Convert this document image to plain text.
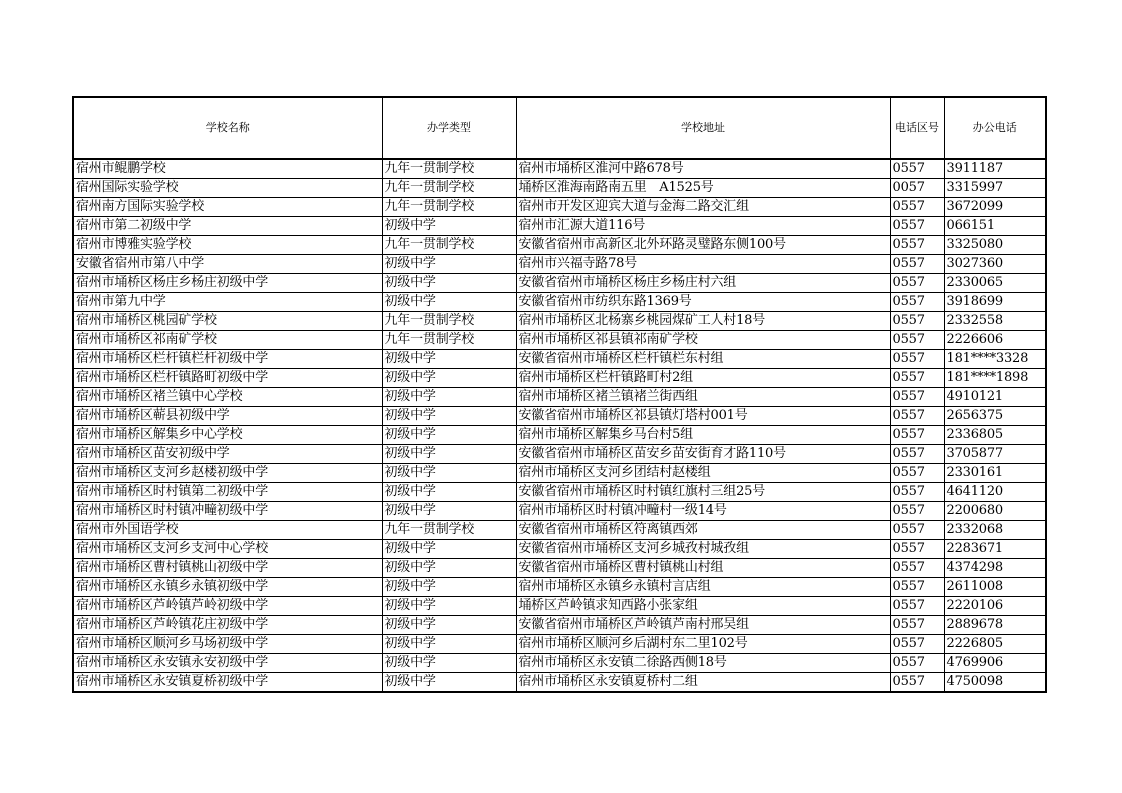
学校名称	办学类型	学校地址	电话区号	办公电话
宿州市鲲鹏学校	九年一贯制学校	宿州市埇桥区淮河中路678号	0557	3911187
宿州国际实验学校	九年一贯制学校	埇桥区淮海南路南五里　A1525号	0057	3315997
宿州南方国际实验学校	九年一贯制学校	宿州市开发区迎宾大道与金海二路交汇组	0557	3672099
宿州市第二初级中学	初级中学	宿州市汇源大道116号	0557	066151
宿州市博雅实验学校	九年一贯制学校	安徽省宿州市高新区北外环路灵璧路东侧100号	0557	3325080
安徽省宿州市第八中学	初级中学	宿州市兴福寺路78号	0557	3027360
宿州市埇桥区杨庄乡杨庄初级中学	初级中学	安徽省宿州市埇桥区杨庄乡杨庄村六组	0557	2330065
宿州市第九中学	初级中学	安徽省宿州市纺织东路1369号	0557	3918699
宿州市埇桥区桃园矿学校	九年一贯制学校	宿州市埇桥区北杨寨乡桃园煤矿工人村18号	0557	2332558
宿州市埇桥区祁南矿学校	九年一贯制学校	宿州市埇桥区祁县镇祁南矿学校	0557	2226606
宿州市埇桥区栏杆镇栏杆初级中学	初级中学	安徽省宿州市埇桥区栏杆镇栏东村组	0557	181****3328
宿州市埇桥区栏杆镇路町初级中学	初级中学	宿州市埇桥区栏杆镇路町村2组	0557	181****1898
宿州市埇桥区褚兰镇中心学校	初级中学	宿州市埇桥区褚兰镇褚兰街西组	0557	4910121
宿州市埇桥区蕲县初级中学	初级中学	安徽省宿州市埇桥区祁县镇灯塔村001号	0557	2656375
宿州市埇桥区解集乡中心学校	初级中学	宿州市埇桥区解集乡马台村5组	0557	2336805
宿州市埇桥区苗安初级中学	初级中学	安徽省宿州市埇桥区苗安乡苗安街育才路110号	0557	3705877
宿州市埇桥区支河乡赵楼初级中学	初级中学	宿州市埇桥区支河乡团结村赵楼组	0557	2330161
宿州市埇桥区时村镇第二初级中学	初级中学	安徽省宿州市埇桥区时村镇红旗村三组25号	0557	4641120
宿州市埇桥区时村镇冲疃初级中学	初级中学	宿州市埇桥区时村镇冲疃村一级14号	0557	2200680
宿州市外国语学校	九年一贯制学校	安徽省宿州市埇桥区符离镇西郊	0557	2332068
宿州市埇桥区支河乡支河中心学校	初级中学	安徽省宿州市埇桥区支河乡城孜村城孜组	0557	2283671
宿州市埇桥区曹村镇桃山初级中学	初级中学	安徽省宿州市埇桥区曹村镇桃山村组	0557	4374298
宿州市埇桥区永镇乡永镇初级中学	初级中学	宿州市埇桥区永镇乡永镇村言店组	0557	2611008
宿州市埇桥区芦岭镇芦岭初级中学	初级中学	埇桥区芦岭镇求知西路小张家组	0557	2220106
宿州市埇桥区芦岭镇花庄初级中学	初级中学	安徽省宿州市埇桥区芦岭镇芦南村邢吴组	0557	2889678
宿州市埇桥区顺河乡马场初级中学	初级中学	宿州市埇桥区顺河乡后湖村东二里102号	0557	2226805
宿州市埇桥区永安镇永安初级中学	初级中学	宿州市埇桥区永安镇二徐路西侧18号	0557	4769906
宿州市埇桥区永安镇夏桥初级中学	初级中学	宿州市埇桥区永安镇夏桥村二组	0557	4750098
